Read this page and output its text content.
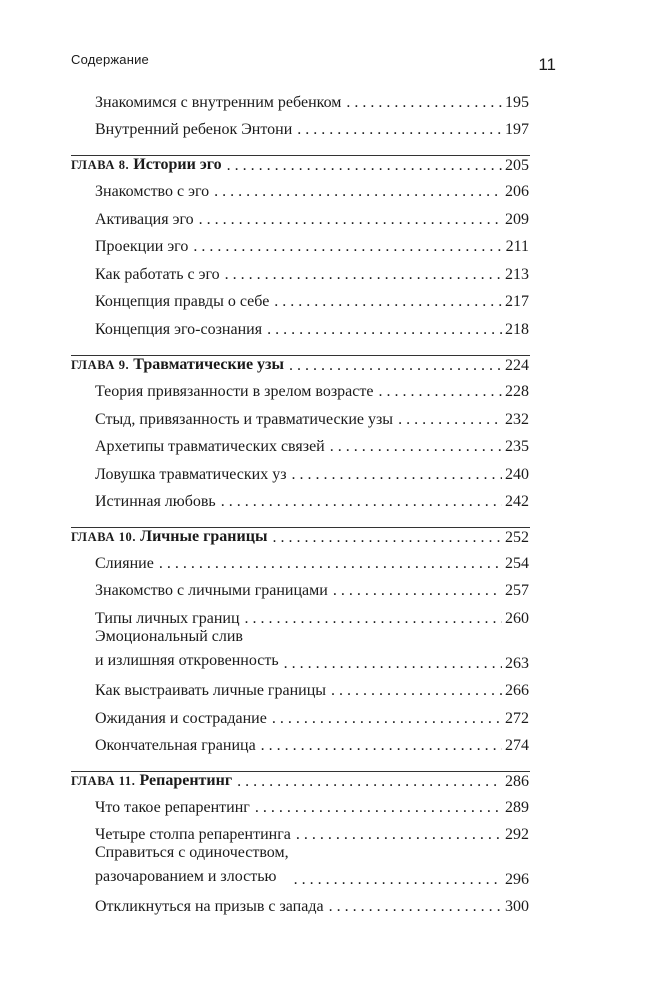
Содержание	11
Знакомимся с внутренним ребенком . . .	195
Внутренний ребенок Энтони . . .	197
ГЛАВА 8. Истории эго . . .	205
Знакомство с эго . . .	206
Активация эго . . .	209
Проекции эго . . .	211
Как работать с эго . . .	213
Концепция правды о себе . . .	217
Концепция эго-сознания . . .	218
ГЛАВА 9. Травматические узы . . .	224
Теория привязанности в зрелом возрасте . . .	228
Стыд, привязанность и травматические узы . . .	232
Архетипы травматических связей . . .	235
Ловушка травматических уз . . .	240
Истинная любовь . . .	242
ГЛАВА 10. Личные границы . . .	252
Слияние . . .	254
Знакомство с личными границами . . .	257
Типы личных границ . . .	260
Эмоциональный слив
и излишняя откровенность . . .	263
Как выстраивать личные границы . . .	266
Ожидания и сострадание . . .	272
Окончательная граница . . .	274
ГЛАВА 11. Репарентинг . . .	286
Что такое репарентинг . . .	289
Четыре столпа репарентинга . . .	292
Справиться с одиночеством,
разочарованием и злостью . . .	296
Откликнуться на призыв с запада . . .	300
